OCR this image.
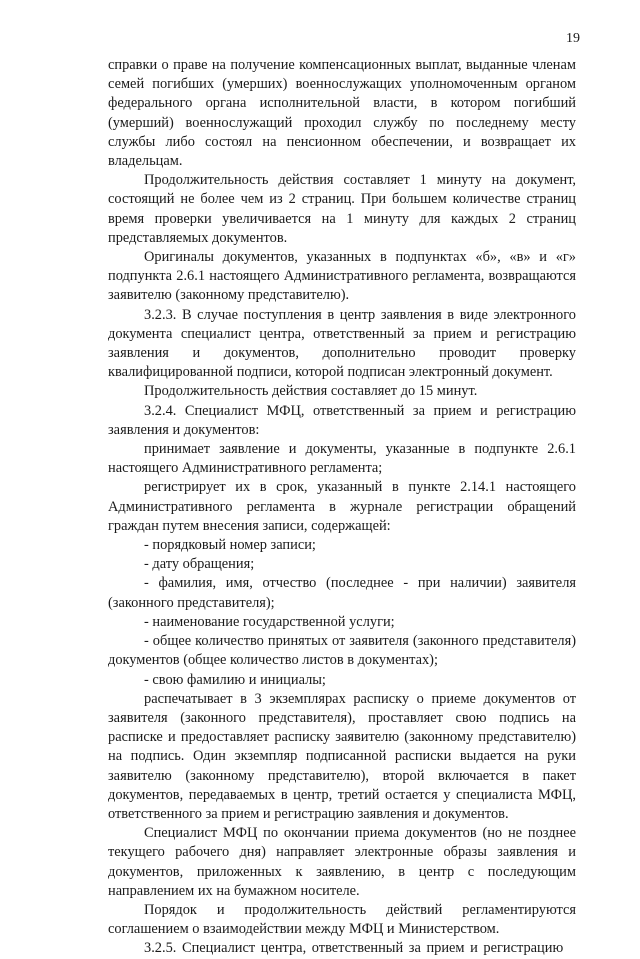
19

справки о праве на получение компенсационных выплат, выданные членам семей погибших (умерших) военнослужащих уполномоченным органом федерального органа исполнительной власти, в котором погибший (умерший) военнослужащий проходил службу по последнему месту службы либо состоял на пенсионном обеспечении, и возвращает их владельцам.

Продолжительность действия составляет 1 минуту на документ, состоящий не более чем из 2 страниц. При большем количестве страниц время проверки увеличивается на 1 минуту для каждых 2 страниц представляемых документов.

Оригиналы документов, указанных в подпунктах «б», «в» и «г» подпункта 2.6.1 настоящего Административного регламента, возвращаются заявителю (законному представителю).

3.2.3. В случае поступления в центр заявления в виде электронного документа специалист центра, ответственный за прием и регистрацию заявления и документов, дополнительно проводит проверку квалифицированной подписи, которой подписан электронный документ.

Продолжительность действия составляет до 15 минут.

3.2.4. Специалист МФЦ, ответственный за прием и регистрацию заявления и документов:

принимает заявление и документы, указанные в подпункте 2.6.1 настоящего Административного регламента;

регистрирует их в срок, указанный в пункте 2.14.1 настоящего Административного регламента в журнале регистрации обращений граждан путем внесения записи, содержащей:

- порядковый номер записи;

- дату обращения;

- фамилия, имя, отчество (последнее - при наличии) заявителя (законного представителя);

- наименование государственной услуги;

- общее количество принятых от заявителя (законного представителя) документов (общее количество листов в документах);

- свою фамилию и инициалы;

распечатывает в 3 экземплярах расписку о приеме документов от заявителя (законного представителя), проставляет свою подпись на расписке и предоставляет расписку заявителю (законному представителю) на подпись. Один экземпляр подписанной расписки выдается на руки заявителю (законному представителю), второй включается в пакет документов, передаваемых в центр, третий остается у специалиста МФЦ, ответственного за прием и регистрацию заявления и документов.

Специалист МФЦ по окончании приема документов (но не позднее текущего рабочего дня) направляет электронные образы заявления и документов, приложенных к заявлению, в центр с последующим направлением их на бумажном носителе.

Порядок и продолжительность действий регламентируются соглашением о взаимодействии между МФЦ и Министерством.

3.2.5. Специалист центра, ответственный за прием и регистрацию
